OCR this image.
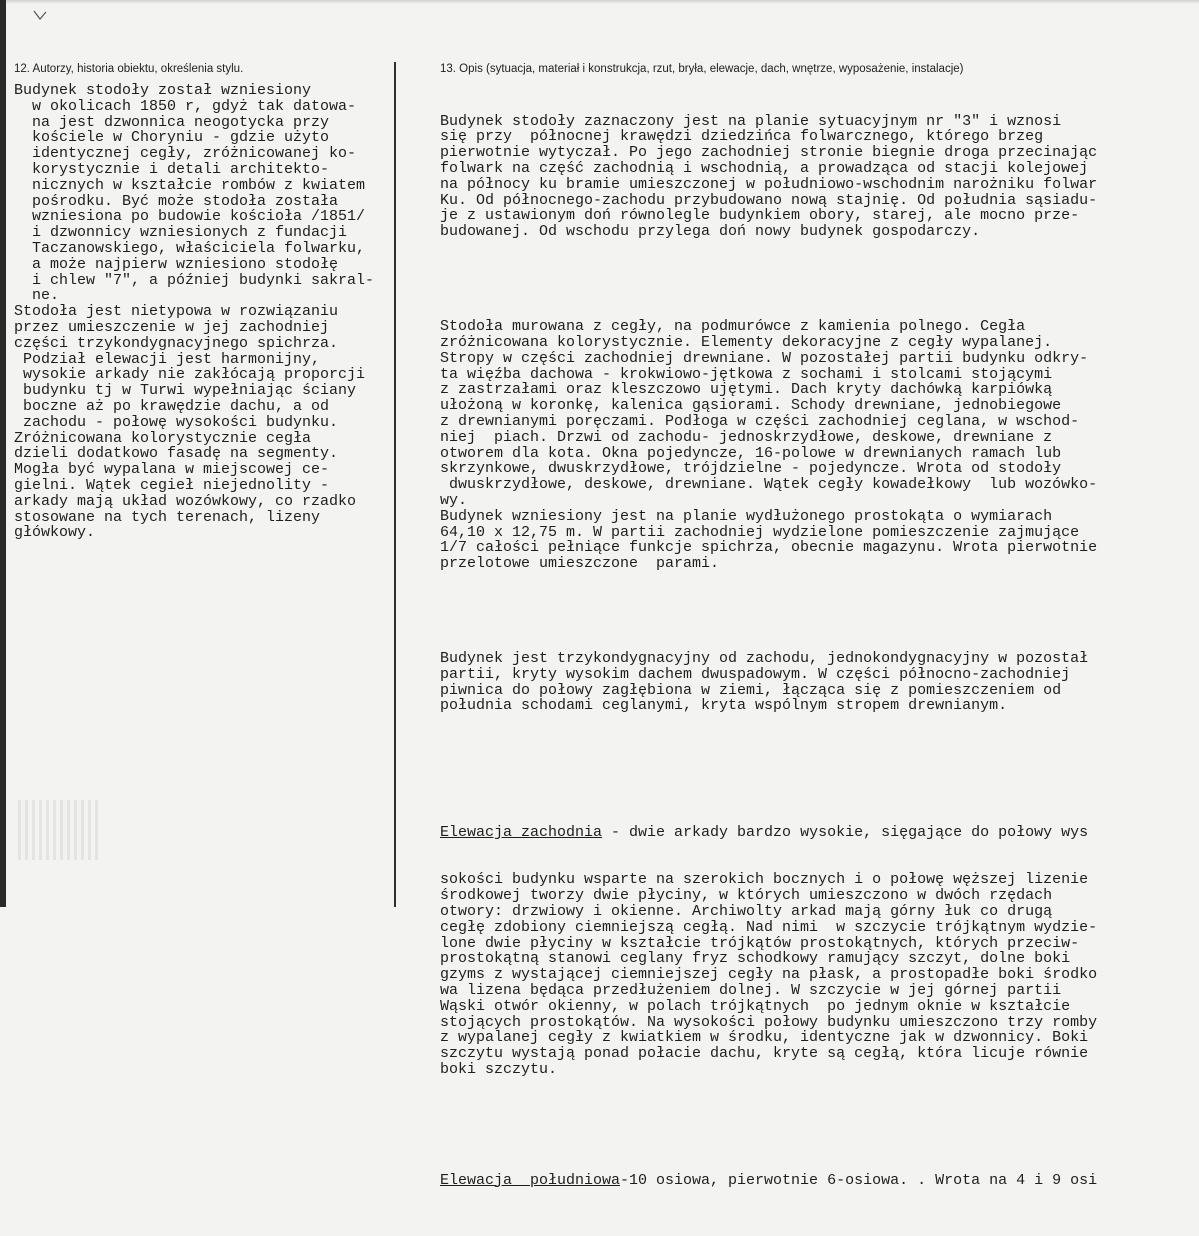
12. Autorzy, historia obiektu, określenia stylu.	13. Opis (sytuacja, materiał i konstrukcja, rzut, bryła, elewacje, dach, wnętrze, wyposażenie, instalacje)
Budynek stodoły został wzniesiony
w okolicach 1850 r, gdyż tak datowa-
na jest dzwonnica neogotycka przy
kościele w Choryniu - gdzie użyto
identycznej cegły, zróżnicowanej ko-
korystycznie i detali architekto-
nicznych w kształcie rombów z kwiatem
pośrodku. Być może stodoła została
wzniesiona po budowie kościoła /1851/
i dzwonnicy wzniesionych z fundacji
Taczanowskiego, właściciela folwarku,
a może najpierw wzniesiono stodołę
i chlew "7", a później budynki sakral-
ne.
Stodoła jest nietypowa w rozwiązaniu
przez umieszczenie w jej zachodniej
części trzykondygnacyjnego spichrza.
Podział elewacji jest harmonijny,
wysokie arkady nie zakłócają proporcji
budynku tj w Turwi wypełniając ściany
boczne aż po krawędzie dachu, a od
zachodu - połowę wysokości budynku.
Zróżnicowana kolorystycznie cegła
dzieli dodatkowo fasadę na segmenty.
Mogła być wypalana w miejscowej ce-
gielni. Wątek cegieł niejednolity -
arkady mają układ wozówkowy, co rzadko
stosowane na tych terenach, lizeny
główkowy.

Budynek stodoły zaznaczony jest na planie sytuacyjnym nr "3" i wznosi
się przy  północnej krawędzi dziedzińca folwarcznego, którego brzeg
pierwotnie wytyczał. Po jego zachodniej stronie biegnie droga przecinając
folwark na część zachodnią i wschodnią, a prowadząca od stacji kolejowej
na północy ku bramie umieszczonej w południowo-wschodnim narożniku folwar
Ku. Od północnego-zachodu przybudowano nową stajnię. Od południa sąsiadu-
je z ustawionym doń równolegle budynkiem obory, starej, ale mocno prze-
budowanej. Od wschodu przylega doń nowy budynek gospodarczy.

Stodoła murowana z cegły, na podmurówce z kamienia polnego. Cegła
zróżnicowana kolorystycznie. Elementy dekoracyjne z cegły wypalanej.
Stropy w części zachodniej drewniane. W pozostałej partii budynku odkry-
ta więźba dachowa - krokwiowo-jętkowa z sochami i stolcami stojącymi
z zastrzałami oraz kleszczowo ujętymi. Dach kryty dachówką karpiówką
ułożoną w koronkę, kalenica gąsiorami. Schody drewniane, jednobiegowe
z drewnianymi poręczami. Podłoga w części zachodniej ceglana, w wschod-
niej  piach. Drzwi od zachodu- jednoskrzydłowe, deskowe, drewniane z
otworem dla kota. Okna pojedyncze, 16-polowe w drewnianych ramach lub
skrzynkowe, dwuskrzydłowe, trójdzielne - pojedyncze. Wrota od stodoły
dwuskrzydłowe, deskowe, drewniane. Wątek cegły kowadełkowy  lub wozówko-
wy.
Budynek wzniesiony jest na planie wydłużonego prostokąta o wymiarach
64,10 x 12,75 m. W partii zachodniej wydzielone pomieszczenie zajmujące
1/7 całości pełniące funkcje spichrza, obecnie magazynu. Wrota pierwotnie
przelotowe umieszczone  parami.

Budynek jest trzykondygnacyjny od zachodu, jednokondygnacyjny w pozostał
partii, kryty wysokim dachem dwuspadowym. W części północno-zachodniej
piwnica do połowy zagłębiona w ziemi, łącząca się z pomieszczeniem od
południa schodami ceglanymi, kryta wspólnym stropem drewnianym.

Elewacja zachodnia - dwie arkady bardzo wysokie, sięgające do połowy wys

sokości budynku wsparte na szerokich bocznych i o połowę węższej lizenie
środkowej tworzy dwie płyciny, w których umieszczono w dwóch rzędach
otwory: drzwiowy i okienne. Archiwolty arkad mają górny łuk co drugą
cegłę zdobiony ciemniejszą cegłą. Nad nimi  w szczycie trójkątnym wydzie-
lone dwie płyciny w kształcie trójkątów prostokątnych, których przeciw-
prostokątną stanowi ceglany fryz schodkowy ramujący szczyt, dolne boki
gzyms z wystającej ciemniejszej cegły na płask, a prostopadłe boki środko
wa lizena będąca przedłużeniem dolnej. W szczycie w jej górnej partii
Wąski otwór okienny, w polach trójkątnych  po jednym oknie w kształcie
stojących prostokątów. Na wysokości połowy budynku umieszczono trzy romby
z wypalanej cegły z kwiatkiem w środku, identyczne jak w dzwonnicy. Boki
szczytu wystają ponad połacie dachu, kryte są cegłą, która licuje równie
boki szczytu.

Elewacja  południowa-10 osiowa, pierwotnie 6-osiowa. . Wrota na 4 i 9 osi
